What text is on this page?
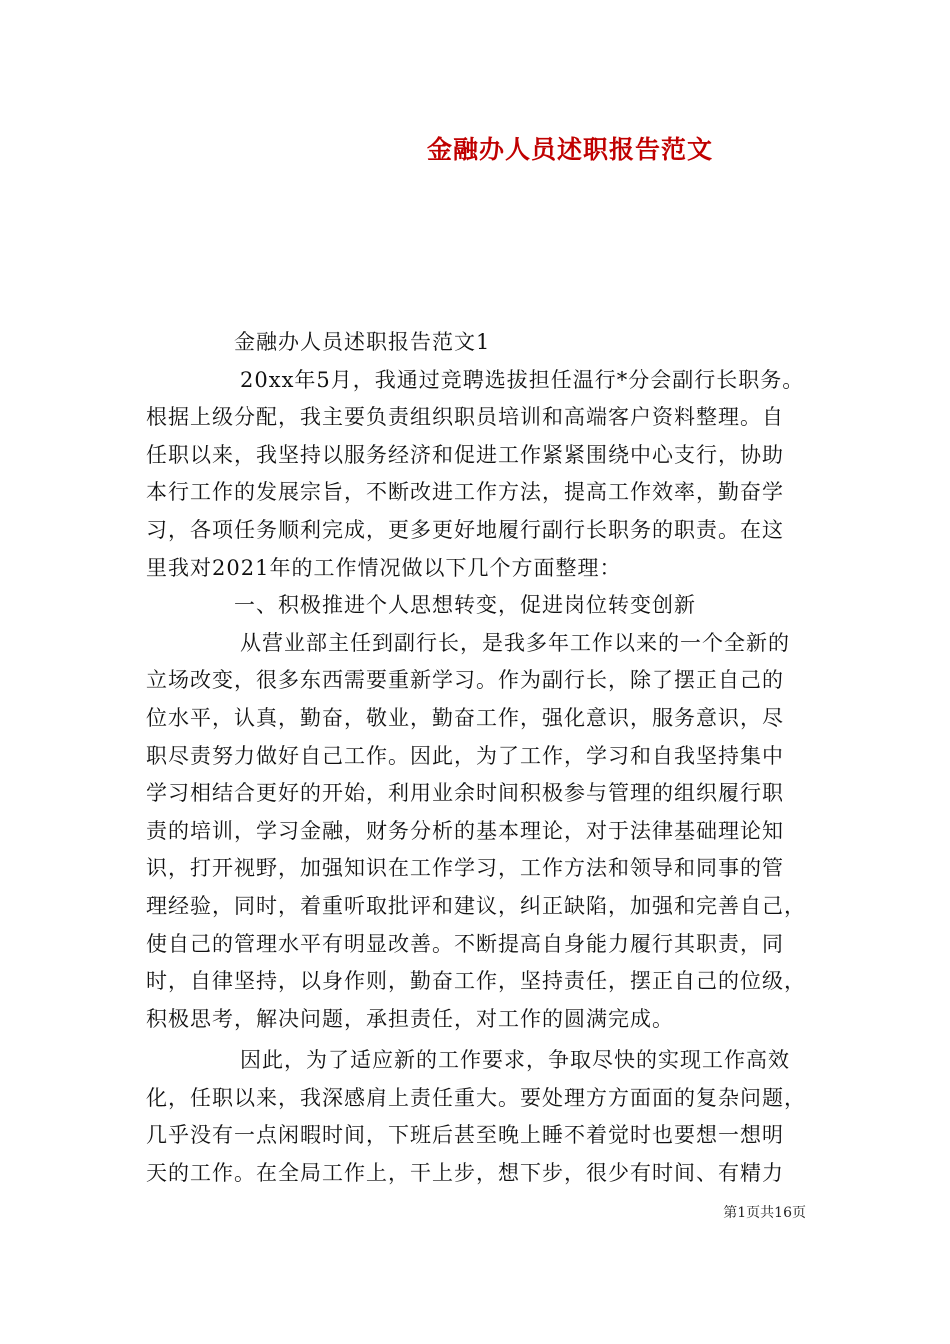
金融办人员述职报告范文

金融办人员述职报告范文1

20xx年5月，我通过竞聘选拔担任温行*分会副行长职务。

根据上级分配，我主要负责组织职员培训和高端客户资料整理。自

任职以来，我坚持以服务经济和促进工作紧紧围绕中心支行，协助

本行工作的发展宗旨，不断改进工作方法，提高工作效率，勤奋学

习，各项任务顺利完成，更多更好地履行副行长职务的职责。在这

里我对2021年的工作情况做以下几个方面整理：

一、积极推进个人思想转变，促进岗位转变创新

从营业部主任到副行长，是我多年工作以来的一个全新的

立场改变，很多东西需要重新学习。作为副行长，除了摆正自己的

位水平，认真，勤奋，敬业，勤奋工作，强化意识，服务意识，尽

职尽责努力做好自己工作。因此，为了工作，学习和自我坚持集中

学习相结合更好的开始，利用业余时间积极参与管理的组织履行职

责的培训，学习金融，财务分析的基本理论，对于法律基础理论知

识，打开视野，加强知识在工作学习，工作方法和领导和同事的管

理经验，同时，着重听取批评和建议，纠正缺陷，加强和完善自己，

使自己的管理水平有明显改善。不断提高自身能力履行其职责，同

时，自律坚持，以身作则，勤奋工作，坚持责任，摆正自己的位级，

积极思考，解决问题，承担责任，对工作的圆满完成。

因此，为了适应新的工作要求，争取尽快的实现工作高效

化，任职以来，我深感肩上责任重大。要处理方方面面的复杂问题，

几乎没有一点闲暇时间，下班后甚至晚上睡不着觉时也要想一想明

天的工作。在全局工作上，干上步，想下步，很少有时间、有精力

第1页共16页
